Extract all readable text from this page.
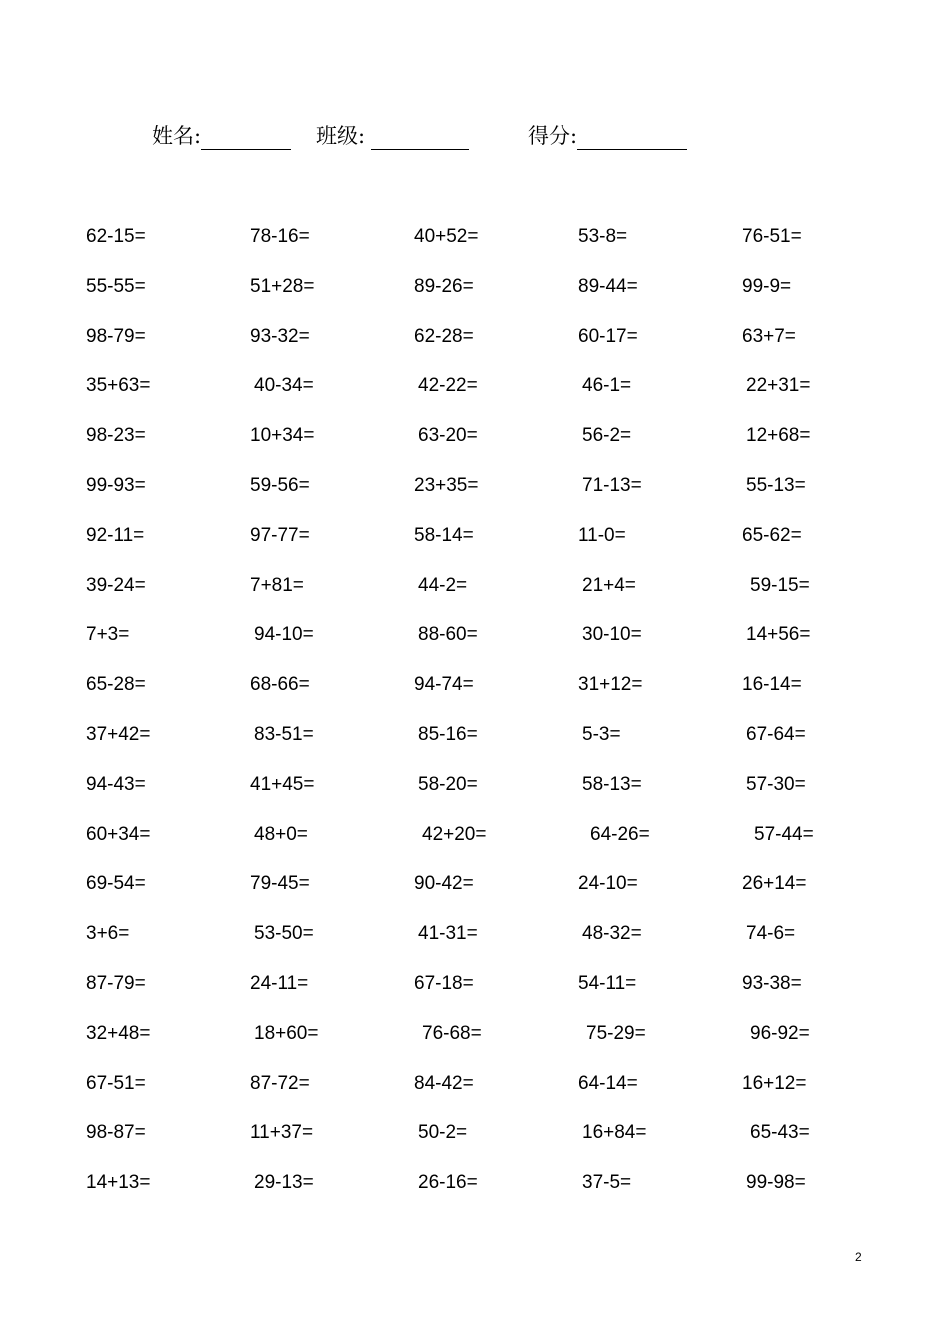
姓名:	班级:	得分:
62-15=	78-16=	40+52=	53-8=	76-51=
55-55=	51+28=	89-26=	89-44=	99-9=
98-79=	93-32=	62-28=	60-17=	63+7=
35+63=	40-34=	42-22=	46-1=	22+31=
98-23=	10+34=	63-20=	56-2=	12+68=
99-93=	59-56=	23+35=	71-13=	55-13=
92-11=	97-77=	58-14=	11-0=	65-62=
39-24=	7+81=	44-2=	21+4=	59-15=
7+3=	94-10=	88-60=	30-10=	14+56=
65-28=	68-66=	94-74=	31+12=	16-14=
37+42=	83-51=	85-16=	5-3=	67-64=
94-43=	41+45=	58-20=	58-13=	57-30=
60+34=	48+0=	42+20=	64-26=	57-44=
69-54=	79-45=	90-42=	24-10=	26+14=
3+6=	53-50=	41-31=	48-32=	74-6=
87-79=	24-11=	67-18=	54-11=	93-38=
32+48=	18+60=	76-68=	75-29=	96-92=
67-51=	87-72=	84-42=	64-14=	16+12=
98-87=	11+37=	50-2=	16+84=	65-43=
14+13=	29-13=	26-16=	37-5=	99-98=
2
